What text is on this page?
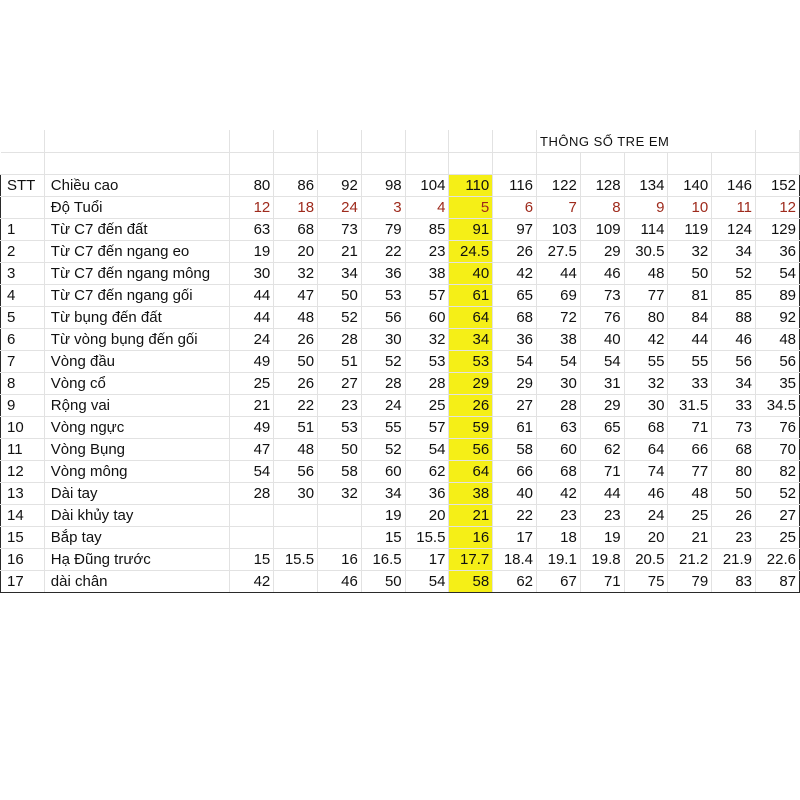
									THÔNG SỐ TRE EM					

STT	Chiều cao	80	86	92	98	104	110	116	122	128	134	140	146	152
	Độ Tuổi	12	18	24	3	4	5	6	7	8	9	10	11	12
1	Từ C7 đến đất	63	68	73	79	85	91	97	103	109	114	119	124	129
2	Từ C7 đến ngang eo	19	20	21	22	23	24.5	26	27.5	29	30.5	32	34	36
3	Từ C7 đến ngang mông	30	32	34	36	38	40	42	44	46	48	50	52	54
4	Từ C7 đến ngang gối	44	47	50	53	57	61	65	69	73	77	81	85	89
5	Từ bụng đến đất	44	48	52	56	60	64	68	72	76	80	84	88	92
6	Từ vòng bụng đến gối	24	26	28	30	32	34	36	38	40	42	44	46	48
7	Vòng đầu	49	50	51	52	53	53	54	54	54	55	55	56	56
8	Vòng cổ	25	26	27	28	28	29	29	30	31	32	33	34	35
9	Rộng vai	21	22	23	24	25	26	27	28	29	30	31.5	33	34.5
10	Vòng ngực	49	51	53	55	57	59	61	63	65	68	71	73	76
11	Vòng Bụng	47	48	50	52	54	56	58	60	62	64	66	68	70
12	Vòng mông	54	56	58	60	62	64	66	68	71	74	77	80	82
13	Dài tay	28	30	32	34	36	38	40	42	44	46	48	50	52
14	Dài khủy tay				19	20	21	22	23	23	24	25	26	27
15	Bắp tay				15	15.5	16	17	18	19	20	21	23	25
16	Hạ Đũng trước	15	15.5	16	16.5	17	17.7	18.4	19.1	19.8	20.5	21.2	21.9	22.6
17	dài chân	42		46	50	54	58	62	67	71	75	79	83	87
